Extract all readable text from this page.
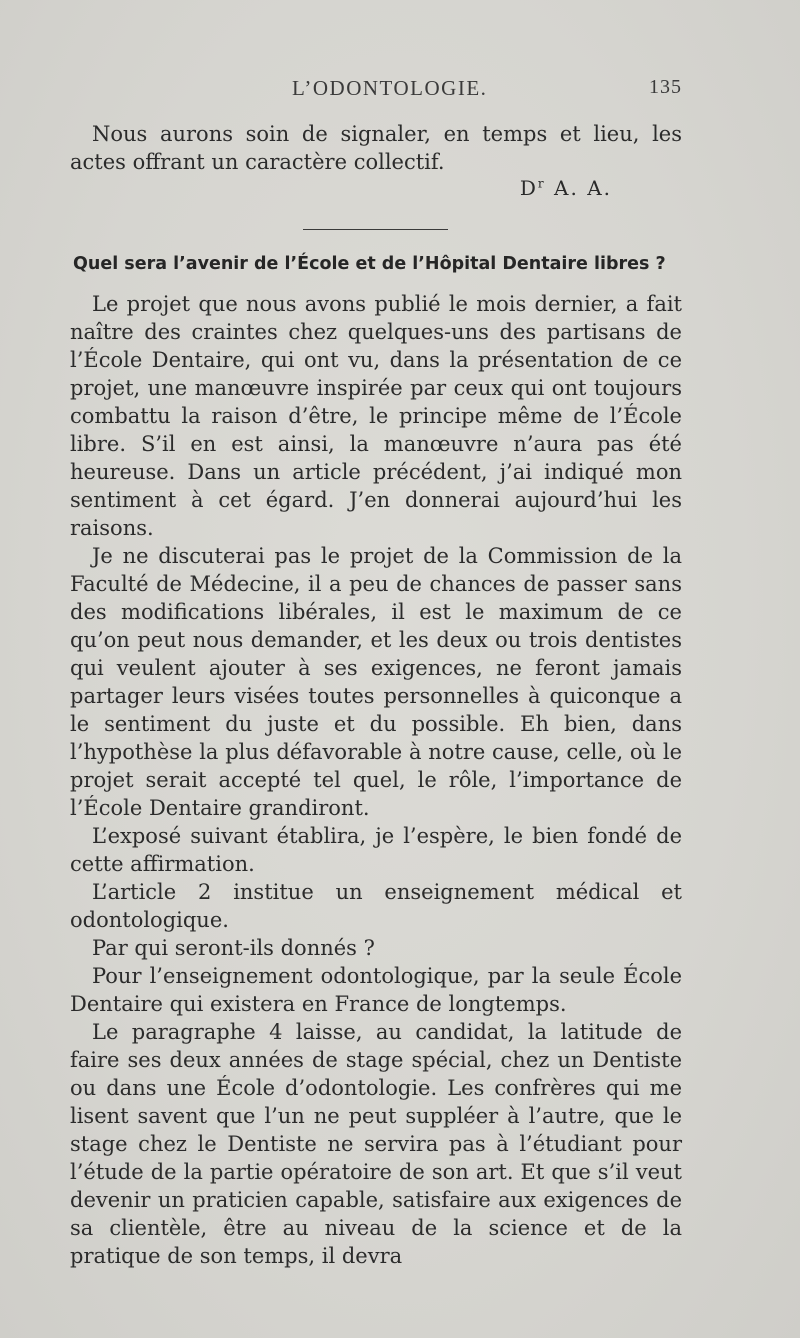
L’ODONTOLOGIE.	135

Nous aurons soin de signaler, en temps et lieu, les actes offrant un caractère collectif.

$D^r$ A. A.
Quel sera l’avenir de l’École et de l’Hôpital Dentaire libres ?

Le projet que nous avons publié le mois dernier, a fait naître des craintes chez quelques-uns des partisans de l’École Dentaire, qui ont vu, dans la présentation de ce projet, une manœuvre inspirée par ceux qui ont toujours combattu la raison d’être, le principe même de l’École libre. S’il en est ainsi, la manœuvre n’aura pas été heureuse. Dans un article précédent, j’ai indiqué mon sentiment à cet égard. J’en donnerai aujourd’hui les raisons.

Je ne discuterai pas le projet de la Commission de la Faculté de Médecine, il a peu de chances de passer sans des modifications libérales, il est le maximum de ce qu’on peut nous demander, et les deux ou trois dentistes qui veulent ajouter à ses exigences, ne feront jamais partager leurs visées toutes personnelles à quiconque a le sentiment du juste et du possible. Eh bien, dans l’hypothèse la plus défavorable à notre cause, celle, où le projet serait accepté tel quel, le rôle, l’importance de l’École Dentaire grandiront.

L’exposé suivant établira, je l’espère, le bien fondé de cette affirmation.

L’article 2 institue un enseignement médical et odontologique.

Par qui seront-ils donnés ?

Pour l’enseignement odontologique, par la seule École Dentaire qui existera en France de longtemps.

Le paragraphe 4 laisse, au candidat, la latitude de faire ses deux années de stage spécial, chez un Dentiste ou dans une École d’odontologie. Les confrères qui me lisent savent que l’un ne peut suppléer à l’autre, que le stage chez le Dentiste ne servira pas à l’étudiant pour l’étude de la partie opératoire de son art. Et que s’il veut devenir un praticien capable, satisfaire aux exigences de sa clientèle, être au niveau de la science et de la pratique de son temps, il devra
